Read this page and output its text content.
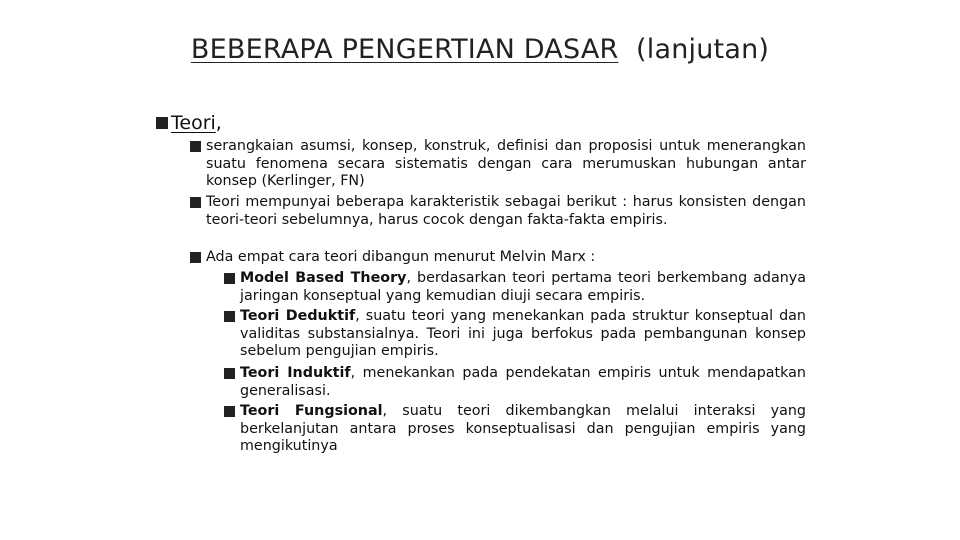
BEBERAPA PENGERTIAN DASAR (lanjutan)
Teori ,
serangkaian asumsi, konsep, konstruk, definisi dan proposisi untuk menerangkan suatu fenomena secara sistematis dengan cara merumuskan hubungan antar konsep (Kerlinger, FN)
Teori mempunyai beberapa karakteristik sebagai berikut : harus konsisten dengan teori-teori sebelumnya, harus cocok dengan fakta-fakta empiris.
Ada empat cara teori dibangun menurut Melvin Marx :
Model Based Theory, berdasarkan teori pertama teori berkembang adanya jaringan konseptual yang kemudian diuji secara empiris.
Teori Deduktif, suatu teori yang menekankan pada struktur konseptual dan validitas substansialnya. Teori ini juga berfokus pada pembangunan konsep sebelum pengujian empiris.
Teori Induktif, menekankan pada pendekatan empiris untuk mendapatkan generalisasi.
Teori Fungsional, suatu teori dikembangkan melalui interaksi yang berkelanjutan antara proses konseptualisasi dan pengujian empiris yang mengikutinya
